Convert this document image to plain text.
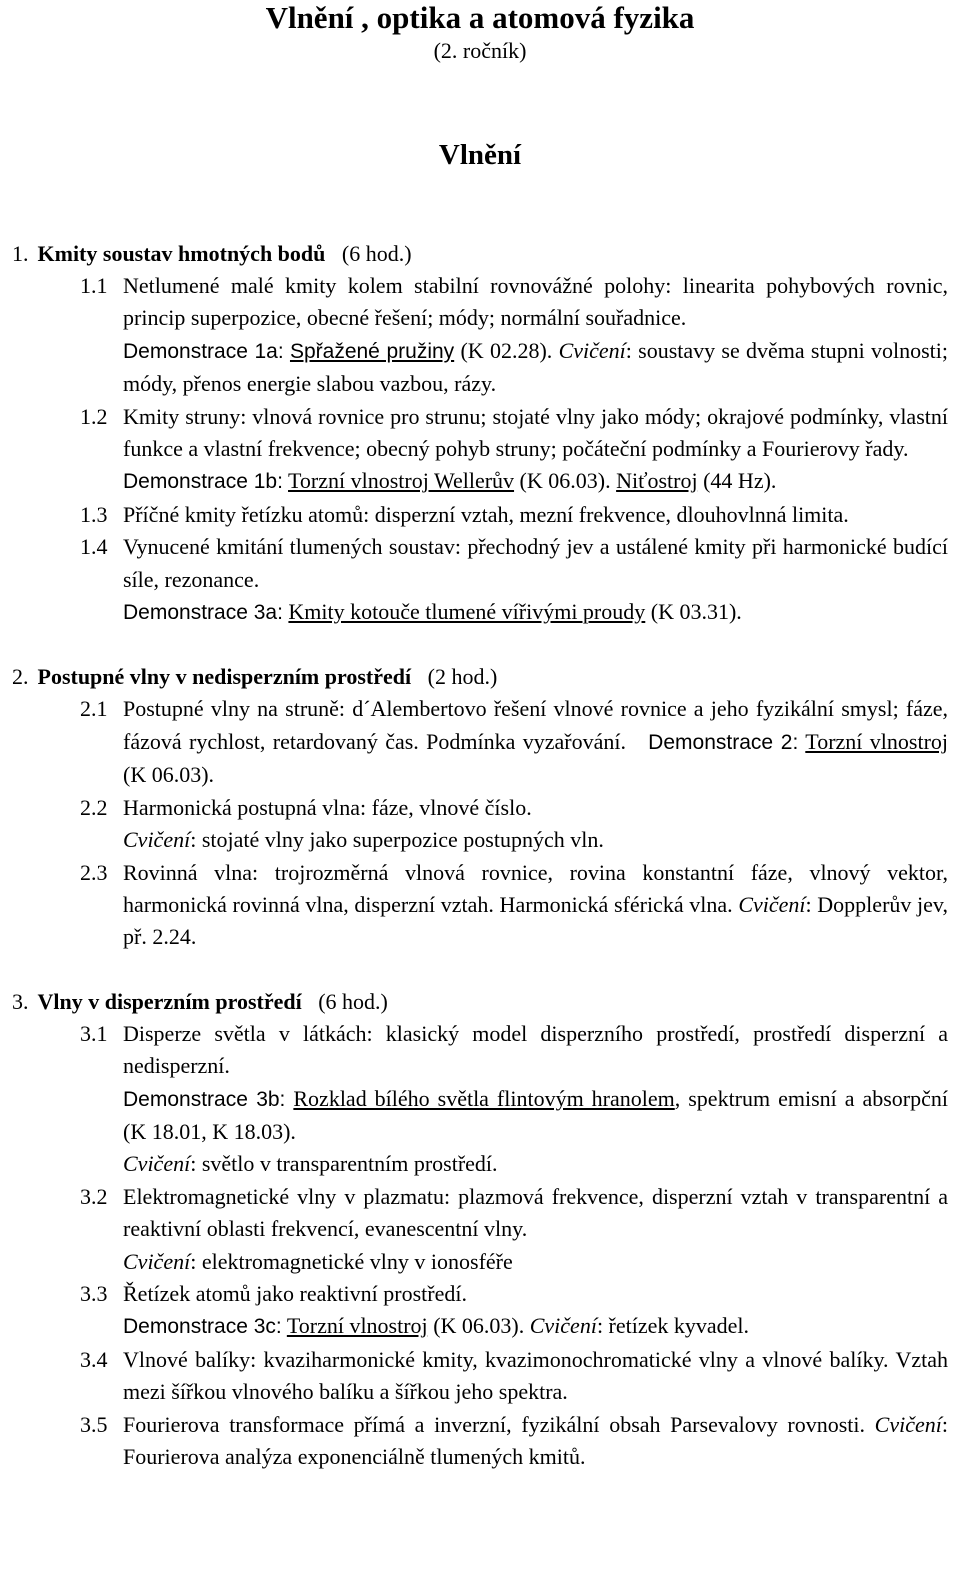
Vlnění , optika a atomová fyzika

(2. ročník)

Vlnění
1. Kmity soustav hmotných bodů (6 hod.)
1.1 Netlumené malé kmity kolem stabilní rovnovážné polohy: linearita pohybových rovnic, princip superpozice, obecné řešení; módy; normální souřadnice.
Demonstrace 1a: Spřažené pružiny (K 02.28). Cvičení: soustavy se dvěma stupni volnosti; módy, přenos energie slabou vazbou, rázy.
1.2 Kmity struny: vlnová rovnice pro strunu; stojaté vlny jako módy; okrajové podmínky, vlastní funkce a vlastní frekvence; obecný pohyb struny; počáteční podmínky a Fourierovy řady.
Demonstrace 1b: Torzní vlnostroj Wellerův (K 06.03). Niťostroj (44 Hz).
1.3 Příčné kmity řetízku atomů: disperzní vztah, mezní frekvence, dlouhovlnná limita.
1.4 Vynucené kmitání tlumených soustav: přechodný jev a ustálené kmity při harmonické budící síle, rezonance.
Demonstrace 3a: Kmity kotouče tlumené vířivými proudy (K 03.31).
2. Postupné vlny v nedisperzním prostředí (2 hod.)
2.1 Postupné vlny na struně: d´Alembertovo řešení vlnové rovnice a jeho fyzikální smysl; fáze, fázová rychlost, retardovaný čas. Podmínka vyzařování. Demonstrace 2: Torzní vlnostroj (K 06.03).
2.2 Harmonická postupná vlna: fáze, vlnové číslo.
Cvičení: stojaté vlny jako superpozice postupných vln.
2.3 Rovinná vlna: trojrozměrná vlnová rovnice, rovina konstantní fáze, vlnový vektor, harmonická rovinná vlna, disperzní vztah. Harmonická sférická vlna. Cvičení: Dopplerův jev, př. 2.24.
3. Vlny v disperzním prostředí (6 hod.)
3.1 Disperze světla v látkách: klasický model disperzního prostředí, prostředí disperzní a nedisperzní.
Demonstrace 3b: Rozklad bílého světla flintovým hranolem, spektrum emisní a absorpční (K 18.01, K 18.03).
Cvičení: světlo v transparentním prostředí.
3.2 Elektromagnetické vlny v plazmatu: plazmová frekvence, disperzní vztah v transparentní a reaktivní oblasti frekvencí, evanescentní vlny.
Cvičení: elektromagnetické vlny v ionosféře
3.3 Řetízek atomů jako reaktivní prostředí.
Demonstrace 3c: Torzní vlnostroj (K 06.03). Cvičení: řetízek kyvadel.
3.4 Vlnové balíky: kvaziharmonické kmity, kvazimonochromatické vlny a vlnové balíky. Vztah mezi šířkou vlnového balíku a šířkou jeho spektra.
3.5 Fourierova transformace přímá a inverzní, fyzikální obsah Parsevalovy rovnosti. Cvičení: Fourierova analýza exponenciálně tlumených kmitů.
